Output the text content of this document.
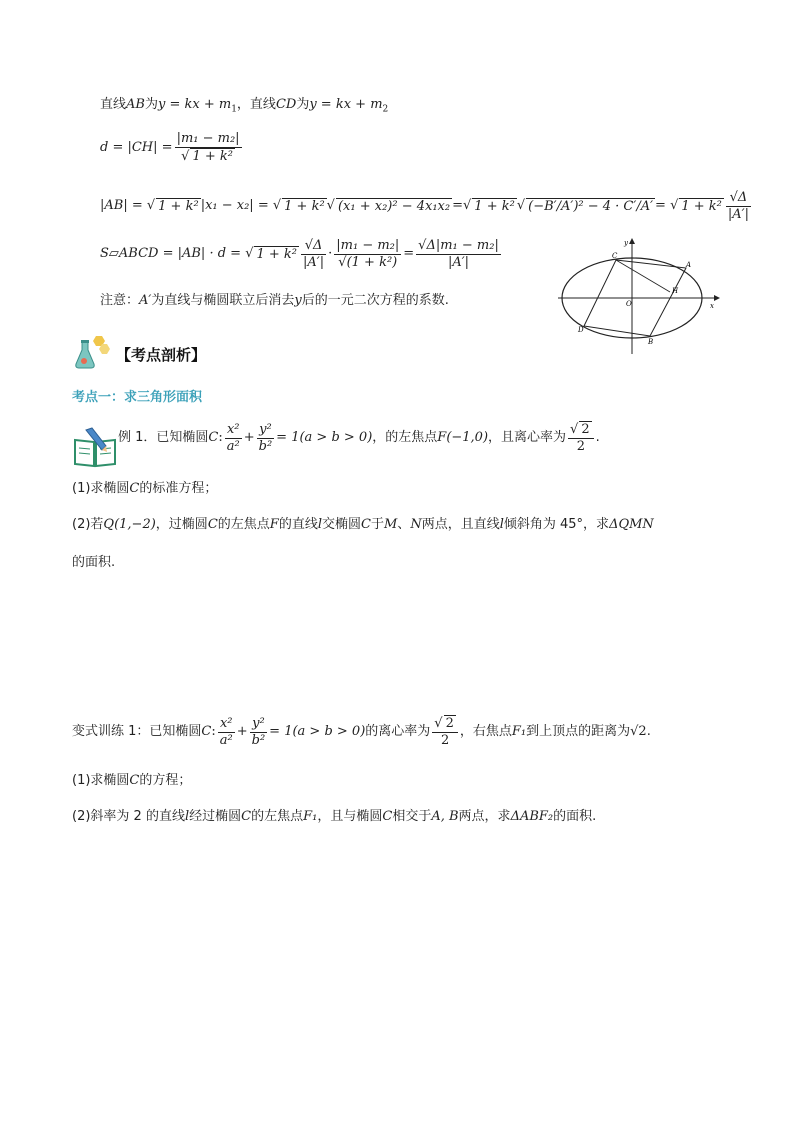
直线AB为y = kx + $m_1$，直线CD为y = kx + $m_2$
$d = |CH| = \frac{\text{|m₁ − m₂|}}{\text{√ 1 + k²}}$
|AB| = √ 1 + k² |x₁ − x₂| = √ 1 + k² √ (x₁ + x₂)² − 4x₁x₂ = √ 1 + k² √ (−B′/A′)² − 4 · C′/A′ = √ $1 + k^2 \frac{√\Delta}{|A'|}$
S▱ABCD = |AB| · d = √ $1 + k^2 \frac{√\Delta}{|A'|} \cdot \frac{\text{|m₁ − m₂|}}{\text{√(1 + k²)}} = \frac{\text{√Δ|m₁ − m₂|}}{|A'|}$
注意：A′为直线与椭圆联立后消去y后的一元二次方程的系数.
y
x
O
C
A
H
D
B
【考点剖析】
考点一：求三角形面积
例 1．已知椭圆 C : $\frac{\text{x²}}{\text{a²}} + \frac{\text{y²}}{\text{b²}} = 1(a > b > 0)$ ，的左焦点 F(−1,0) ，且离心率为 $\frac{√ 2}{2}$ .
(1)求椭圆C的标准方程；
(2)若Q(1,−2)，过椭圆C的左焦点F的直线l交椭圆C于M、N两点，且直线l倾斜角为 45°，求ΔQMN
的面积.
变式训练 1：已知椭圆 C : $\frac{\text{x²}}{\text{a²}} + \frac{\text{y²}}{\text{b²}} = 1(a > b > 0)$ 的离心率为 $\frac{√ 2}{2}$ ，右焦点 F₁ 到上顶点的距离为 √2 .
(1)求椭圆C的方程；
(2)斜率为 2 的直线l经过椭圆C的左焦点F₁，且与椭圆C相交于A, B两点，求ΔABF₂的面积.
